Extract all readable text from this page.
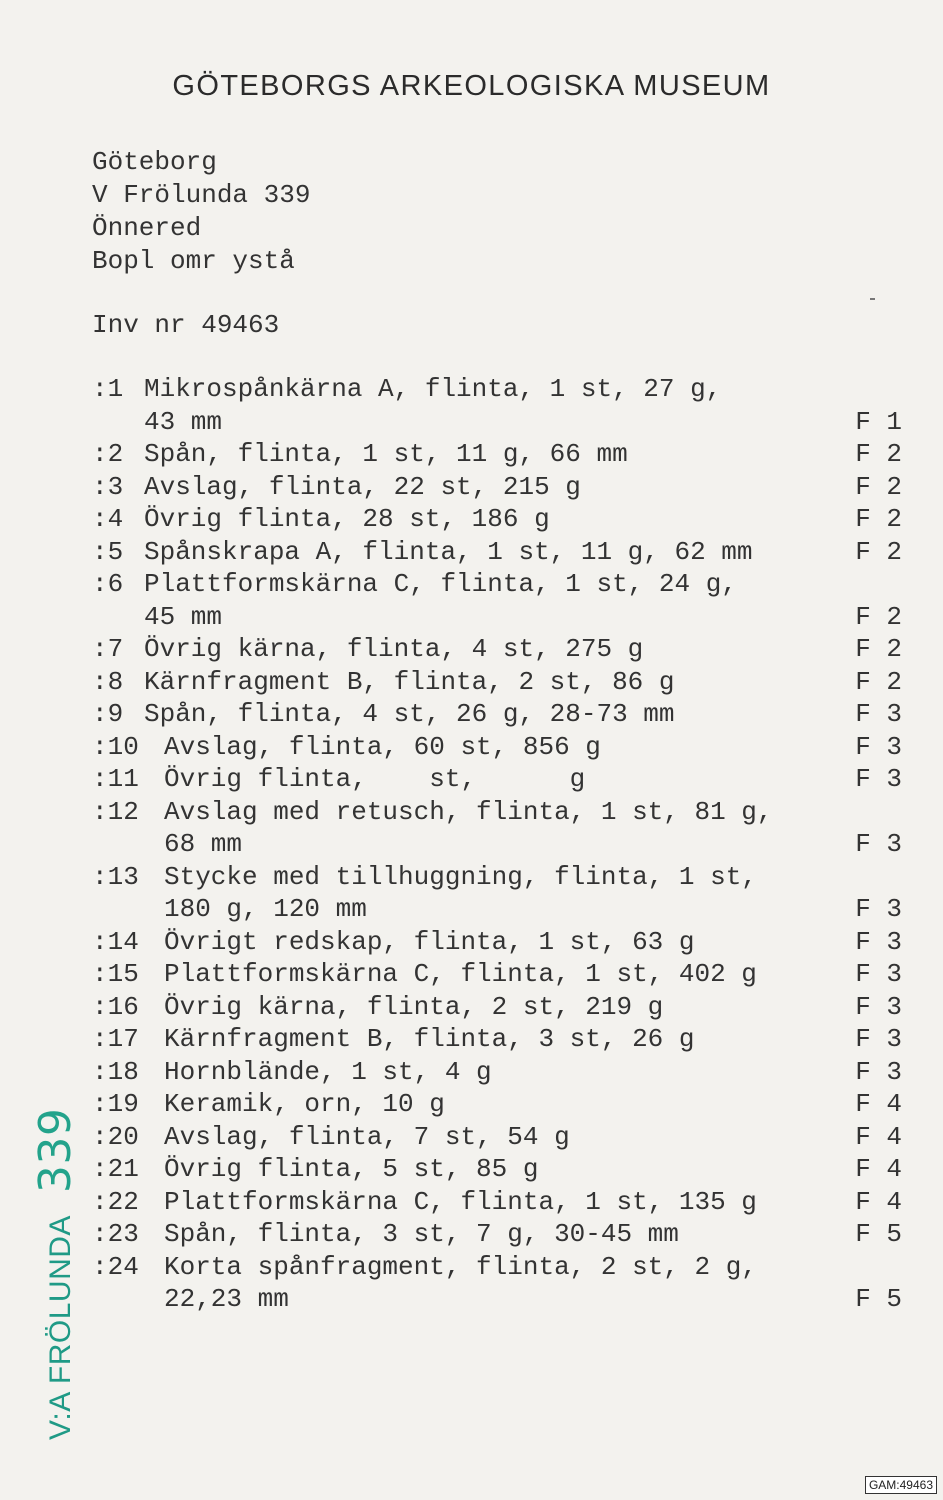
GÖTEBORGS ARKEOLOGISKA MUSEUM
Göteborg
V Frölunda 339
Önnered
Bopl omr ystå
Inv nr 49463
:1 Mikrospånkärna A, flinta, 1 st, 27 g,
43 mm	F 1
:2 Spån, flinta, 1 st, 11 g, 66 mm	F 2
:3 Avslag, flinta, 22 st, 215 g	F 2
:4 Övrig flinta, 28 st, 186 g	F 2
:5 Spånskrapa A, flinta, 1 st, 11 g, 62 mm	F 2
:6 Plattformskärna C, flinta, 1 st, 24 g,
45 mm	F 2
:7 Övrig kärna, flinta, 4 st, 275 g	F 2
:8 Kärnfragment B, flinta, 2 st, 86 g	F 2
:9 Spån, flinta, 4 st, 26 g, 28-73 mm	F 3
:10 Avslag, flinta, 60 st, 856 g	F 3
:11 Övrig flinta,    st,      g	F 3
:12 Avslag med retusch, flinta, 1 st, 81 g,
68 mm	F 3
:13 Stycke med tillhuggning, flinta, 1 st,
180 g, 120 mm	F 3
:14 Övrigt redskap, flinta, 1 st, 63 g	F 3
:15 Plattformskärna C, flinta, 1 st, 402 g	F 3
:16 Övrig kärna, flinta, 2 st, 219 g	F 3
:17 Kärnfragment B, flinta, 3 st, 26 g	F 3
:18 Hornblände, 1 st, 4 g	F 3
:19 Keramik, orn, 10 g	F 4
:20 Avslag, flinta, 7 st, 54 g	F 4
:21 Övrig flinta, 5 st, 85 g	F 4
:22 Plattformskärna C, flinta, 1 st, 135 g	F 4
:23 Spån, flinta, 3 st, 7 g, 30-45 mm	F 5
:24 Korta spånfragment, flinta, 2 st, 2 g,
22,23 mm	F 5
V:A FRÖLUNDA339
GAM:49463
